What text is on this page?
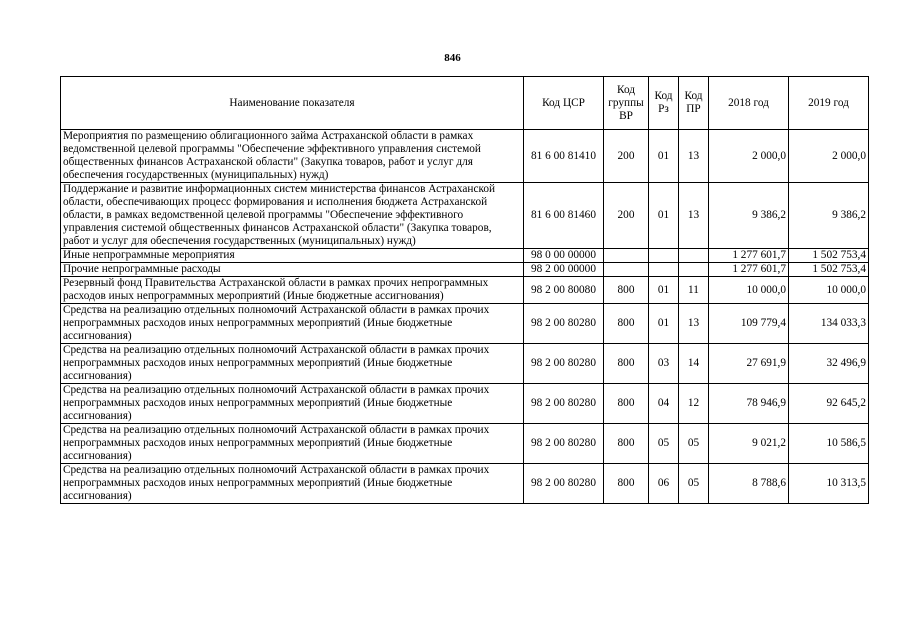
846
Наименование показателя	Код ЦСР	Код группы ВР	Код Рз	Код ПР	2018 год	2019 год
Мероприятия по размещению облигационного займа Астраханской области в рамках ведомственной целевой программы "Обеспечение эффективного управления системой общественных финансов Астраханской области" (Закупка товаров, работ и услуг для обеспечения государственных (муниципальных) нужд)	81 6 00 81410	200	01	13	2 000,0	2 000,0
Поддержание и развитие информационных систем министерства финансов Астраханской области, обеспечивающих процесс формирования и исполнения бюджета Астраханской области, в рамках ведомственной целевой программы "Обеспечение эффективного управления системой общественных финансов Астраханской области" (Закупка товаров, работ и услуг для обеспечения государственных (муниципальных) нужд)	81 6 00 81460	200	01	13	9 386,2	9 386,2
Иные непрограммные мероприятия	98 0 00 00000				1 277 601,7	1 502 753,4
Прочие непрограммные расходы	98 2 00 00000				1 277 601,7	1 502 753,4
Резервный фонд Правительства Астраханской области в рамках прочих непрограммных расходов иных непрограммных мероприятий (Иные бюджетные ассигнования)	98 2 00 80080	800	01	11	10 000,0	10 000,0
Средства на реализацию отдельных полномочий Астраханской области в рамках прочих непрограммных расходов иных непрограммных мероприятий (Иные бюджетные ассигнования)	98 2 00 80280	800	01	13	109 779,4	134 033,3
Средства на реализацию отдельных полномочий Астраханской области в рамках прочих непрограммных расходов иных непрограммных мероприятий (Иные бюджетные ассигнования)	98 2 00 80280	800	03	14	27 691,9	32 496,9
Средства на реализацию отдельных полномочий Астраханской области в рамках прочих непрограммных расходов иных непрограммных мероприятий (Иные бюджетные ассигнования)	98 2 00 80280	800	04	12	78 946,9	92 645,2
Средства на реализацию отдельных полномочий Астраханской области в рамках прочих непрограммных расходов иных непрограммных мероприятий (Иные бюджетные ассигнования)	98 2 00 80280	800	05	05	9 021,2	10 586,5
Средства на реализацию отдельных полномочий Астраханской области в рамках прочих непрограммных расходов иных непрограммных мероприятий (Иные бюджетные ассигнования)	98 2 00 80280	800	06	05	8 788,6	10 313,5
